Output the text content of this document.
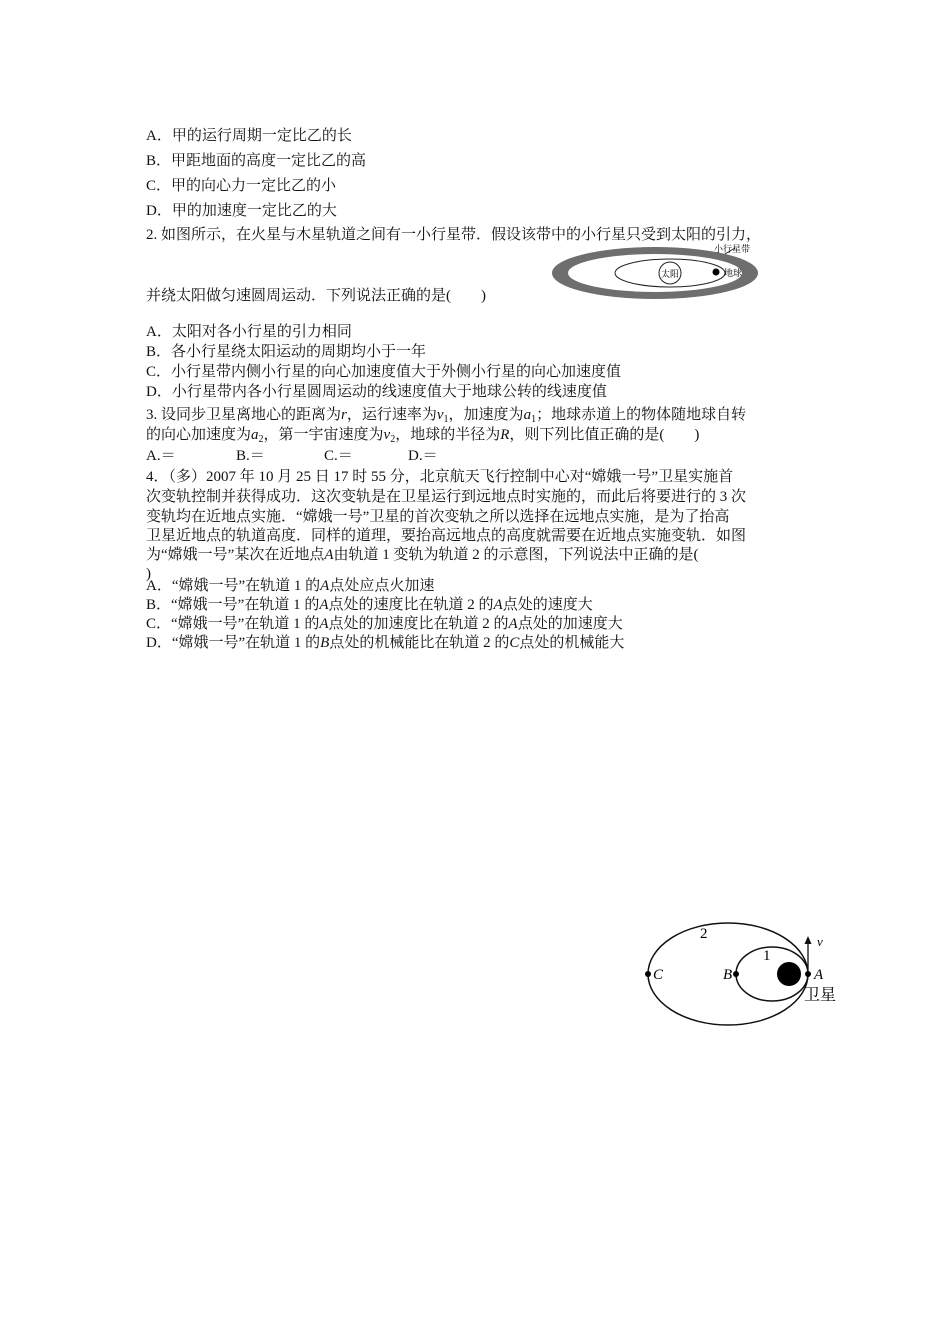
A．甲的运行周期一定比乙的长
B．甲距地面的高度一定比乙的高
C．甲的向心力一定比乙的小
D．甲的加速度一定比乙的大
2. 如图所示，在火星与木星轨道之间有一小行星带．假设该带中的小行星只受到太阳的引力，
太阳	地球
小行星带
并绕太阳做匀速圆周运动．下列说法正确的是(　　)
A．太阳对各小行星的引力相同
B．各小行星绕太阳运动的周期均小于一年
C．小行星带内侧小行星的向心加速度值大于外侧小行星的向心加速度值
D．小行星带内各小行星圆周运动的线速度值大于地球公转的线速度值
3. 设同步卫星离地心的距离为r，运行速率为$v_1$，加速度为$a_1$；地球赤道上的物体随地球自转
的向心加速度为$a_2$，第一宇宙速度为$v_2$，地球的半径为R，则下列比值正确的是(　　)
A.＝	B.＝	C.＝	D.＝
4．（多）2007 年 10 月 25 日 17 时 55 分，北京航天飞行控制中心对“嫦娥一号”卫星实施首
次变轨控制并获得成功．这次变轨是在卫星运行到远地点时实施的，而此后将要进行的 3 次
变轨均在近地点实施．“嫦娥一号”卫星的首次变轨之所以选择在远地点实施，是为了抬高
卫星近地点的轨道高度．同样的道理，要抬高远地点的高度就需要在近地点实施变轨．如图
为“嫦娥一号”某次在近地点A由轨道 1 变轨为轨道 2 的示意图，下列说法中正确的是(
)
A．“嫦娥一号”在轨道 1 的A点处应点火加速
B．“嫦娥一号”在轨道 1 的A点处的速度比在轨道 2 的A点处的速度大
C．“嫦娥一号”在轨道 1 的A点处的加速度比在轨道 2 的A点处的加速度大
D．“嫦娥一号”在轨道 1 的B点处的机械能比在轨道 2 的C点处的机械能大
v
2
1
C	B	A
卫星
